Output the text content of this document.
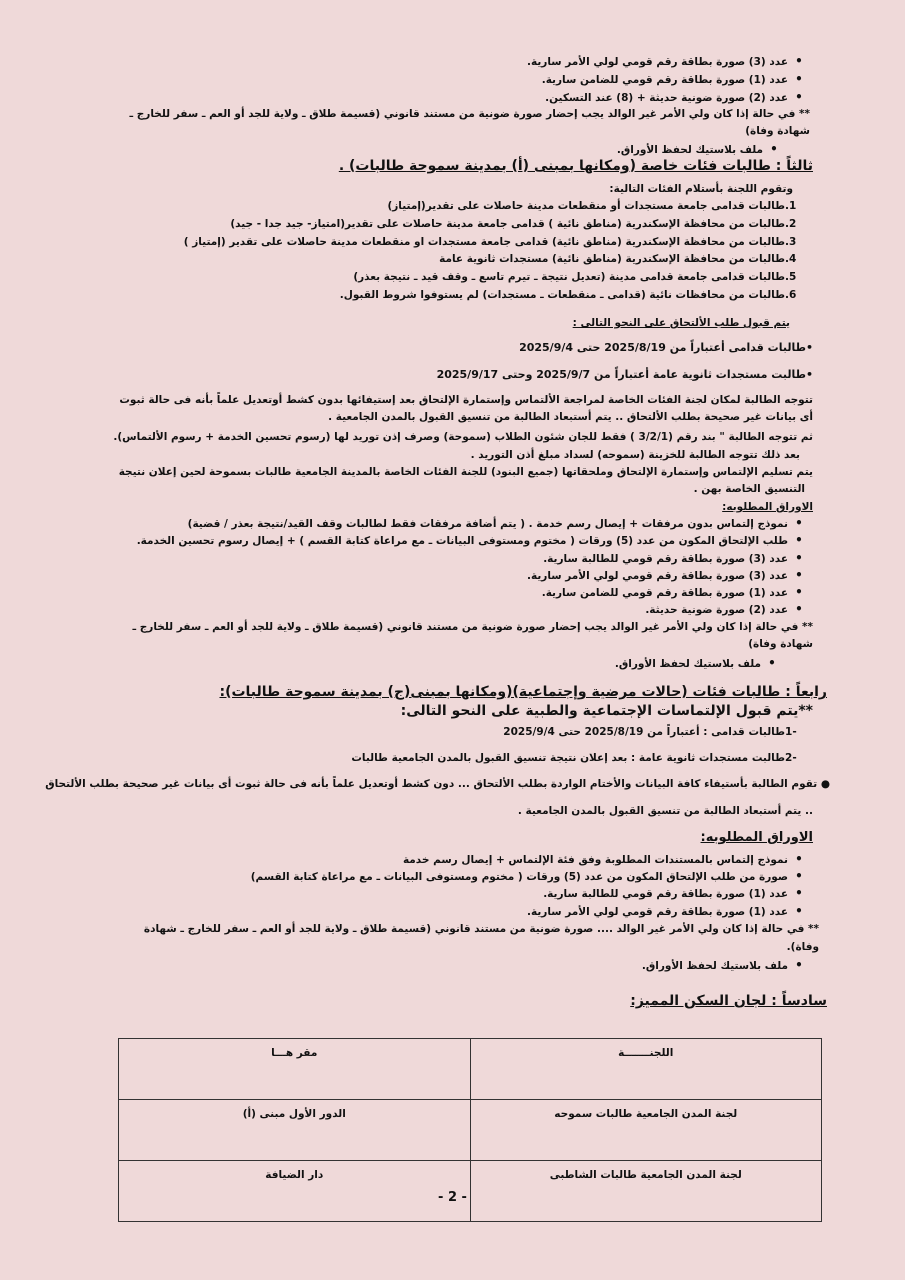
• عدد (3) صورة بطاقة رقم قومي لولي الأمر سارية.
• عدد (1) صورة بطاقة رقم قومي للضامن سارية.
• عدد (2) صورة ضونية حديثة + (8) عند التسكين.
** في حالة إذا كان ولي الأمر غير الوالد يجب إحضار صورة ضونية من مستند قانوني (قسيمة طلاق ـ ولاية للجد أو العم ـ سفر للخارج ـ
شهادة وفاة)
• ملف بلاستيك لحفظ الأوراق.
ثالثاً : طالبات فئات خاصة (ومكانها بمبنى (أ) بمدينة سموحة طالبات) .
وتقوم اللجنة بأستلام الفئات التالية:
1.طالبات قدامى جامعة مستجدات أو منقطعات مدينة حاصلات على تقدير(إمتياز)
2.طالبات من محافظة الإسكندرية (مناطق نائية ) قدامى جامعة مدينة حاصلات على تقدير(امتياز- جيد جدا - جيد)
3.طالبات من محافظة الإسكندرية (مناطق نائية) قدامى جامعة مستجدات او منقطعات مدينة حاصلات على تقدير (إمتياز )
4.طالبات من محافظة الإسكندرية (مناطق نائية) مستجدات ثانوية عامة
5.طالبات قدامى جامعة قدامى مدينة (تعديل نتيجة ـ تيرم تاسع ـ وقف قيد ـ نتيجة بعذر)
6.طالبات من محافظات نائية (قدامى ـ منقطعات ـ مستجدات) لم يستوفوا شروط القبول.
يتم قبول طلب الألتحاق على النحو التالى :
•طالبات قدامى أعتباراً من 2025/8/19 حتى 2025/9/4
•طالبت مستجدات ثانوية عامة أعتباراً من 2025/9/7 وحتى 2025/9/17
تتوجه الطالبة لمكان لجنة الفئات الخاصة لمراجعة الألتماس وإستمارة الإلتحاق بعد إستيفائها بدون كشط أوتعديل علماً بأنه فى حالة ثبوت
أى بيانات غير صحيحة بطلب الألتحاق .. يتم أستبعاد الطالبة من تنسيق القبول بالمدن الجامعية .
ثم تتوجه الطالبة " بند رقم (3/2/1 ) فقط للجان شئون الطلاب (سموحة) وصرف إذن توريد لها (رسوم تحسين الخدمة + رسوم الألتماس).
بعد ذلك تتوجه الطالبة للخزينة (سموحه) لسداد مبلغ أذن التوريد .
يتم تسليم الإلتماس وإستمارة الإلتحاق وملحقاتها (جميع البنود) للجنة الفئات الخاصة بالمدينة الجامعية طالبات بسموحة لحين إعلان نتيجة
التنسيق الخاصة بهن .
الاوراق المطلوبه:
• نموذج إلتماس بدون مرفقات + إيصال رسم خدمة . ( يتم أضافة مرفقات فقط لطالبات وقف القيد/نتيجة بعذر / قضية)
• طلب الإلتحاق المكون من عدد (5) ورقات ( مختوم ومستوفى البيانات ـ مع مراعاة كتابة القسم ) + إيصال رسوم تحسين الخدمة.
• عدد (3) صورة بطاقة رقم قومي للطالبة سارية.
• عدد (3) صورة بطاقة رقم قومي لولي الأمر سارية.
• عدد (1) صورة بطاقة رقم قومي للضامن سارية.
• عدد (2) صورة ضونية حديثة.
** في حالة إذا كان ولي الأمر غير الوالد يجب إحضار صورة ضونية من مستند قانوني (قسيمة طلاق ـ ولاية للجد أو العم ـ سفر للخارج ـ
شهادة وفاة)
• ملف بلاستيك لحفظ الأوراق.
رابعاً : طالبات فئات (حالات مرضية وإجتماعية)(ومكانها بمبنى(ج) بمدينة سموحة طالبات):
**يتم قبول الإلتماسات الإجتماعية والطبية على النحو التالى:
-1طالبات قدامى : أعتباراً من 2025/8/19 حتى 2025/9/4
-2طالبت مستجدات ثانوية عامة : بعد إعلان نتيجة تنسيق القبول بالمدن الجامعية طالبات
● تقوم الطالبة بأستيفاء كافة البيانات والأختام الواردة بطلب الألتحاق ... دون كشط أوتعديل علماً بأنه فى حالة ثبوت أى بيانات غير صحيحة بطلب الألتحاق
.. يتم أستبعاد الطالبة من تنسيق القبول بالمدن الجامعية .
الاوراق المطلوبه:
• نموذج إلتماس بالمستندات المطلوبة وفق فئة الإلتماس + إيصال رسم خدمة
• صورة من طلب الإلتحاق المكون من عدد (5) ورقات ( مختوم ومستوفى البيانات ـ مع مراعاة كتابة القسم)
• عدد (1) صورة بطاقة رقم قومي للطالبة سارية.
• عدد (1) صورة بطاقة رقم قومي لولي الأمر سارية.
** في حالة إذا كان ولي الأمر غير الوالد .... صورة ضونية من مستند قانوني (قسيمة طلاق ـ ولاية للجد أو العم ـ سفر للخارج ـ شهادة
وفاة).
• ملف بلاستيك لحفظ الأوراق.
سادساً : لجان السكن المميز:
اللجنـــــــة	مقر هـــا
لجنة المدن الجامعية طالبات سموحه	الدور الأول مبنى (أ)
لجنة المدن الجامعية طالبات الشاطبى	دار الضيافة
- 2 -
